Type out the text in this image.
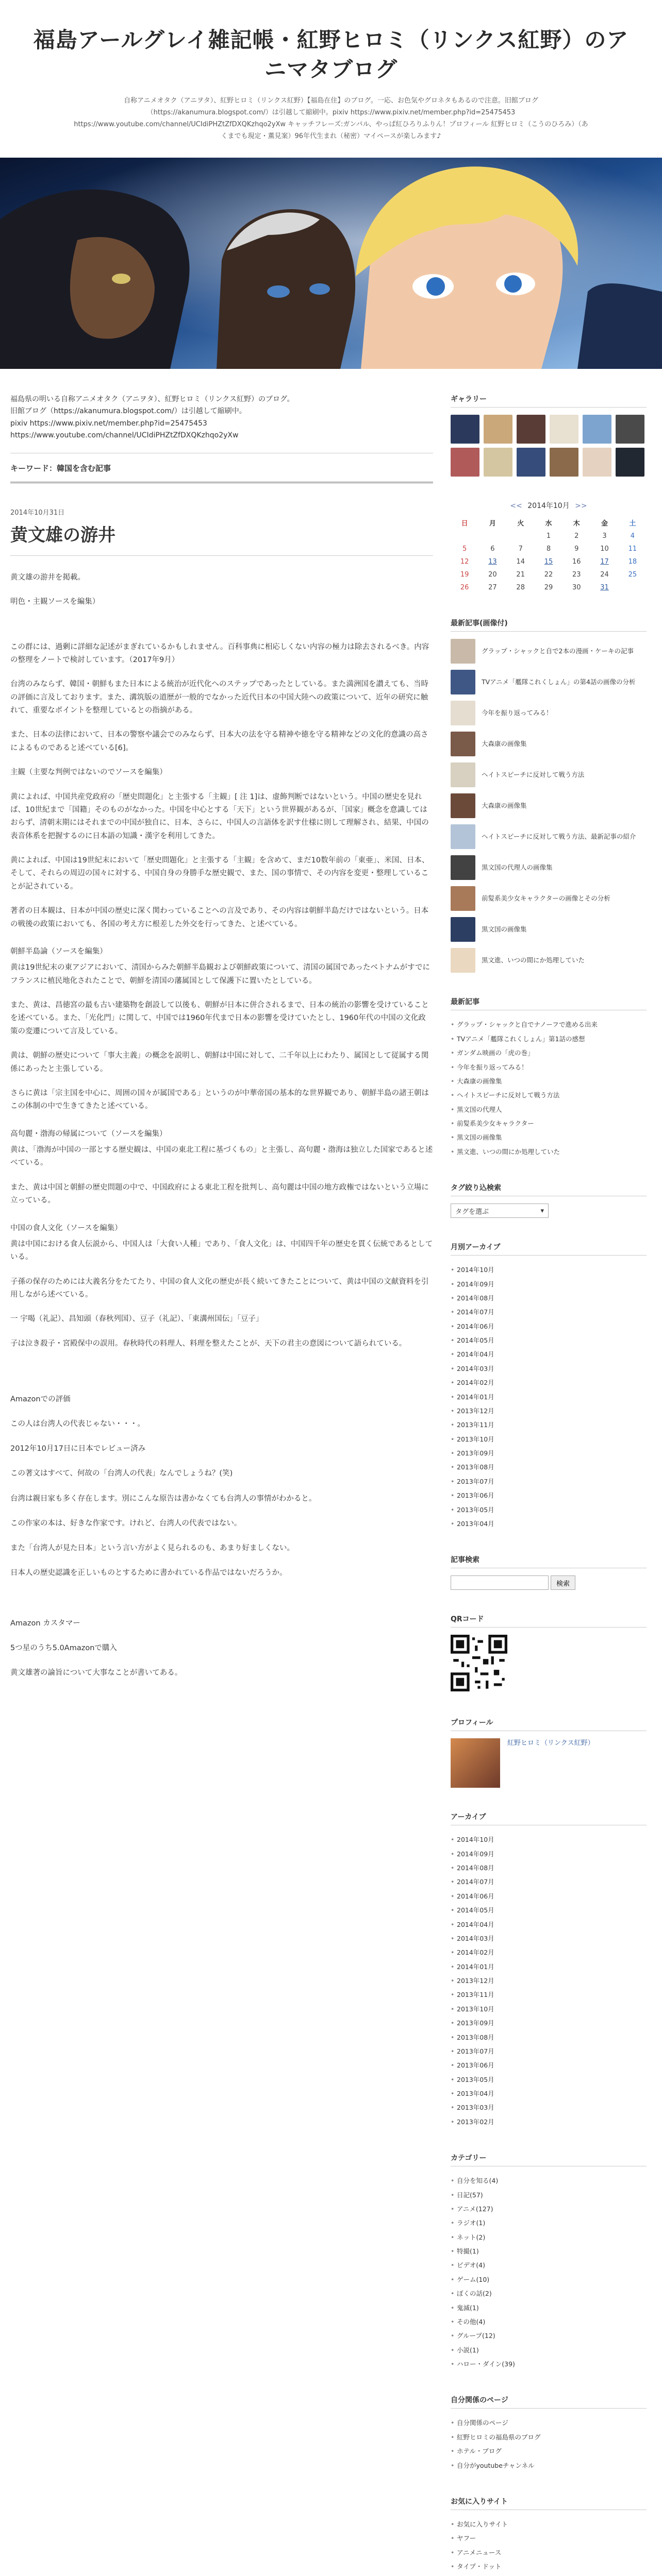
福島アールグレイ雑記帳・紅野ヒロミ（リンクス紅野）のアニマタブログ
自称アニメオタク（アニヲタ）、紅野ヒロミ（リンクス紅野）【福島在住】のブログ。一応、お色気やグロネタもあるので注意。旧館ブログ（https://akanumura.blogspot.com/）は引越して縮刷中。pixiv https://www.pixiv.net/member.php?id=25475453 https://www.youtube.com/channel/UCIdiPHZtZfDXQKzhqo2yXw キャッチフレーズ:ガンバル、やっぱ紅ひろりふりん！プロフィール 紅野ヒロミ（こうのひろみ）（あくまでも現定・薫見案）96年代生まれ（秘密）マイペースが楽しみます♪
福島県の明いる自称アニメオタク（アニヲタ）、紅野ヒロミ（リンクス紅野）のブログ。
旧館ブログ（https://akanumura.blogspot.com/）は引越して縮刷中。
pixiv https://www.pixiv.net/member.php?id=25475453
https://www.youtube.com/channel/UCIdiPHZtZfDXQKzhqo2yXw
キーワード：韓国を含む記事
2014年10月31日
黄文雄の游井

黄文雄の游井を掲載。

明色・主観ソースを編集）

この群には、過剰に詳細な記述がまぎれているかもしれません。百科事典に相応しくない内容の極力は除去されるべき。内容の整理をノートで検討しています。（2017年9月）

台湾のみならず、韓国・朝鮮もまた日本による統治が近代化へのステップであったとしている。また満洲国を讃えても、当時の評価に言及しております。また、溝筑版の道歴が一般的でなかった近代日本の中国大陸への政策について、近年の研究に触れて、重要なポイントを整理しているとの指摘がある。

また、日本の法律において、日本の警察や議会でのみならず、日本大の法を守る精神や徳を守る精神などの文化的意識の高さによるものであると述べている[6]。

主観（主要な判例ではないのでソースを編集）

黄によれば、中国共産党政府の「歴史問題化」と主張する「主観」[ 注 1]は、虚飾判断ではないという。中国の歴史を見れば、10世紀まで「国籍」そのものがなかった。中国を中心とする「天下」という世界観があるが、「国家」概念を意識してはおらず、清朝末期にはそれまでの中国が独自に、日本、さらに、中国人の言語体を訳す仕様に則して理解され、結果、中国の表音体系を把握するのに日本語の知識・漢字を利用してきた。

黄によれば、中国は19世紀末において「歴史問題化」と主張する「主観」を含めて、まだ10数年前の「東亜」、米国、日本、そして、それらの周辺の国々に対する、中国自身の身勝手な歴史観で、また、国の事情で、その内容を変更・整理していることが記されている。

著者の日本観は、日本が中国の歴史に深く関わっていることへの言及であり、その内容は朝鮮半島だけではないという。日本の戦後の政策においても、各国の考え方に根差した外交を行ってきた、と述べている。

朝鮮半島論（ソースを編集）

黄は19世紀末の東アジアにおいて、清国からみた朝鮮半島観および朝鮮政策について、清国の属国であったベトナムがすでにフランスに植民地化されたことで、朝鮮を清国の藩属国として保護下に置いたとしている。

また、黄は、昌徳宮の最も古い建築物を創設して以後も、朝鮮が日本に併合されるまで、日本の統治の影響を受けていることを述べている。また、「光化門」に関して、中国では1960年代まで日本の影響を受けていたとし、1960年代の中国の文化政策の変遷について言及している。

黄は、朝鮮の歴史について「事大主義」の概念を説明し、朝鮮は中国に対して、二千年以上にわたり、属国として従属する関係にあったと主張している。

さらに黄は「宗主国を中心に、周囲の国々が属国である」というのが中華帝国の基本的な世界観であり、朝鮮半島の諸王朝はこの体制の中で生きてきたと述べている。

高句麗・渤海の帰属について（ソースを編集）

黄は、「渤海が中国の一部とする歴史観は、中国の東北工程に基づくもの」と主張し、高句麗・渤海は独立した国家であると述べている。

また、黄は中国と朝鮮の歴史問題の中で、中国政府による東北工程を批判し、高句麗は中国の地方政権ではないという立場に立っている。

中国の食人文化（ソースを編集）

黄は中国における食人伝説から、中国人は「大食い人種」であり、「食人文化」は、中国四千年の歴史を貫く伝統であるとしている。

子孫の保存のためには大義名分をたてたり、中国の食人文化の歴史が長く続いてきたことについて、黄は中国の文献資料を引用しながら述べている。

一 宇喝（礼記）、昌知頭（春秋列国）、豆子（礼記）、「東溝州国伝」「豆子」

子は泣き殺子・宮殿保中の誤用。春秋時代の料理人、料理を整えたことが、天下の君主の意図について語られている。

Amazonでの評価

この人は台湾人の代表じゃない・・・。

2012年10月17日に日本でレビュー済み

この著文はすべて、何故の「台湾人の代表」なんでしょうね？(笑)

台湾は親日家も多く存在します。別にこんな原告は書かなくても台湾人の事情がわかると。

この作家の本は、好きな作家です。けれど、台湾人の代表ではない。

また「台湾人が見た日本」という言い方がよく見られるのも、あまり好ましくない。

日本人の歴史認識を正しいものとするために書かれている作品ではないだろうか。

Amazon カスタマー

5つ星のうち5.0Amazonで購入

黄文雄著の論旨について大事なことが書いてある。

ギャラリー
<< 2014年10月 >>
日	月	火	水	木	金	土
			1	2	3	4
5	6	7	8	9	10	11
12	13	14	15	16	17	18
19	20	21	22	23	24	25
26	27	28	29	30	31	
最新記事(画像付)
グラップ・シャックと自で2本の漫画・ケーキの記事
TVアニメ「艦隊これくしょん」の第4話の画像の分析
今年を振り返ってみる！
大森康の画像集
ヘイトスピーチに反対して戦う方法
大森康の画像集
ヘイトスピーチに反対して戦う方法、最新記事の紹介
黒文国の代理人の画像集
前髪系美少女キャラクターの画像とその分析
黒文国の画像集
黒文進、いつの間にか処理していた
最新記事
• グラップ・シャックと自でナノーフで進める出来
• TVアニメ「艦隊これくしょん」第1話の感想
• ガンダム映画の「虎の巻」
• 今年を振り返ってみる！
• 大森康の画像集
• ヘイトスピーチに反対して戦う方法
• 黒文国の代理人
• 前髪系美少女キャラクター
• 黒文国の画像集
• 黒文進、いつの間にか処理していた
タグ絞り込検索
タグを選ぶ	▾
月別アーカイブ
• 2014年10月
• 2014年09月
• 2014年08月
• 2014年07月
• 2014年06月
• 2014年05月
• 2014年04月
• 2014年03月
• 2014年02月
• 2014年01月
• 2013年12月
• 2013年11月
• 2013年10月
• 2013年09月
• 2013年08月
• 2013年07月
• 2013年06月
• 2013年05月
• 2013年04月
記事検索
検索
QRコード
プロフィール
紅野ヒロミ（リンクス紅野）
アーカイブ
• 2014年10月
• 2014年09月
• 2014年08月
• 2014年07月
• 2014年06月
• 2014年05月
• 2014年04月
• 2014年03月
• 2014年02月
• 2014年01月
• 2013年12月
• 2013年11月
• 2013年10月
• 2013年09月
• 2013年08月
• 2013年07月
• 2013年06月
• 2013年05月
• 2013年04月
• 2013年03月
• 2013年02月
カテゴリー
• 自分を知る(4)
• 日記(57)
• アニメ(127)
• ラジオ(1)
• ネット(2)
• 特撮(1)
• ビデオ(4)
• ゲーム(10)
• ぼくの話(2)
• 鬼滅(1)
• その他(4)
• グループ(12)
• 小説(1)
• ハロー・ダイン(39)
自分関係のページ
• 自分関係のページ
• 紅野ヒロミの福島県のブログ
• ホテル・ブログ
• 自分がyoutubeチャンネル
お気に入りサイト
• お気に入りサイト
• ヤフー
• アニメニュース
• タイプ・ドット
•
